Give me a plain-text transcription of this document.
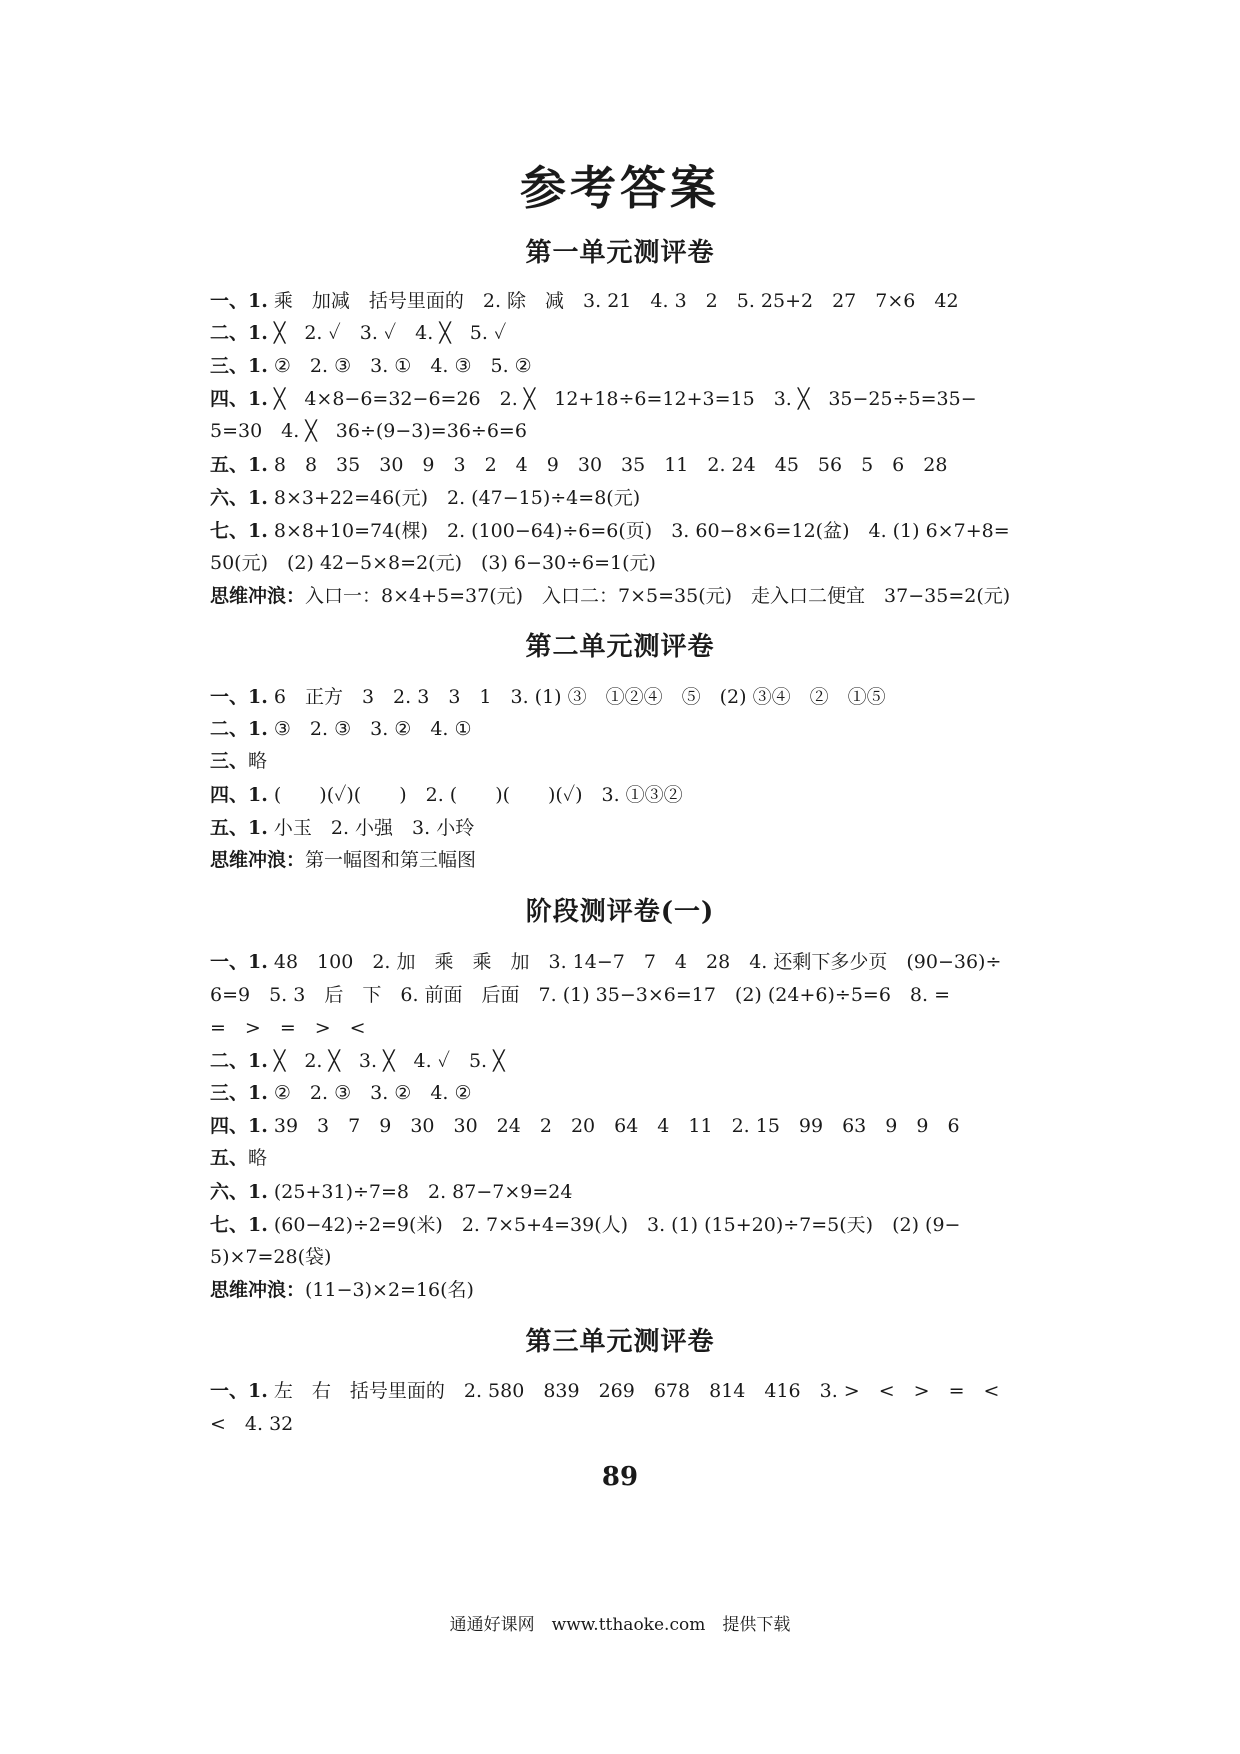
参考答案
第一单元测评卷
一、1. 乘　加减　括号里面的　2. 除　减　3. 21　4. 3　2　5. 25+2　27　7×6　42
二、1. ╳　2. ✓　3. ✓　4. ╳　5. ✓
三、1. ②　2. ③　3. ①　4. ③　5. ②
四、1. ╳　4×8−6=32−6=26　2. ╳　12+18÷6=12+3=15　3. ╳　35−25÷5=35−
5=30　4. ╳　36÷(9−3)=36÷6=6
五、1. 8　8　35　30　9　3　2　4　9　30　35　11　2. 24　45　56　5　6　28
六、1. 8×3+22=46(元)　2. (47−15)÷4=8(元)
七、1. 8×8+10=74(棵)　2. (100−64)÷6=6(页)　3. 60−8×6=12(盆)　4. (1) 6×7+8=
50(元)　(2) 42−5×8=2(元)　(3) 6−30÷6=1(元)
思维冲浪：入口一：8×4+5=37(元)　入口二：7×5=35(元)　走入口二便宜　37−35=2(元)
第二单元测评卷
一、1. 6　正方　3　2. 3　3　1　3. (1) ③　①②④　⑤　(2) ③④　②　①⑤
二、1. ③　2. ③　3. ②　4. ①
三、略
四、1. (　　)(✓)(　　)　2. (　　)(　　)(✓)　3. ①③②
五、1. 小玉　2. 小强　3. 小玲
思维冲浪：第一幅图和第三幅图
阶段测评卷(一)
一、1. 48　100　2. 加　乘　乘　加　3. 14−7　7　4　28　4. 还剩下多少页　(90−36)÷
6=9　5. 3　后　下　6. 前面　后面　7. (1) 35−3×6=17　(2) (24+6)÷5=6　8. =
=　>　=　>　<
二、1. ╳　2. ╳　3. ╳　4. ✓　5. ╳
三、1. ②　2. ③　3. ②　4. ②
四、1. 39　3　7　9　30　30　24　2　20　64　4　11　2. 15　99　63　9　9　6
五、略
六、1. (25+31)÷7=8　2. 87−7×9=24
七、1. (60−42)÷2=9(米)　2. 7×5+4=39(人)　3. (1) (15+20)÷7=5(天)　(2) (9−
5)×7=28(袋)
思维冲浪：(11−3)×2=16(名)
第三单元测评卷
一、1. 左　右　括号里面的　2. 580　839　269　678　814　416　3. >　<　>　=　<
<　4. 32
89
通通好课网　www.tthaoke.com　提供下载
